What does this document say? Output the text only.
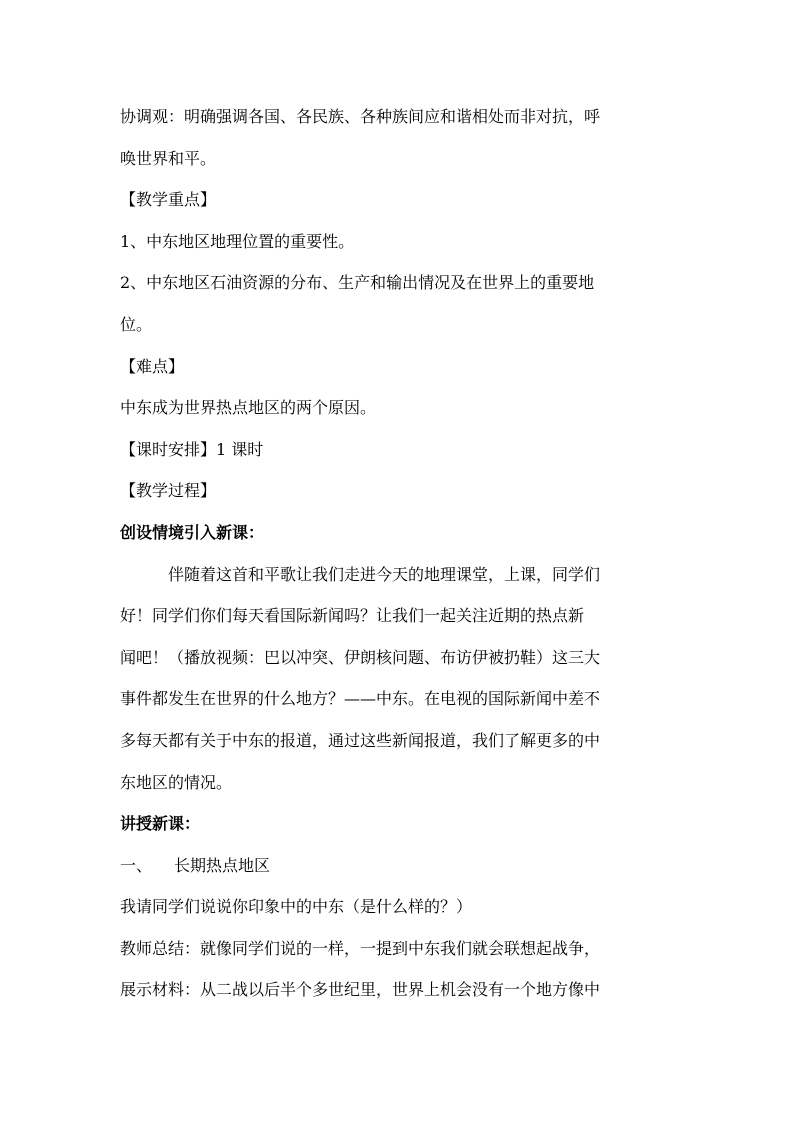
协调观：明确强调各国、各民族、各种族间应和谐相处而非对抗，呼

唤世界和平。

【教学重点】

1、中东地区地理位置的重要性。

2、中东地区石油资源的分布、生产和输出情况及在世界上的重要地

位。

【难点】

中东成为世界热点地区的两个原因。

【课时安排】1 课时

【教学过程】

创设情境引入新课：

伴随着这首和平歌让我们走进今天的地理课堂，上课，同学们

好！同学们你们每天看国际新闻吗？让我们一起关注近期的热点新

闻吧！（播放视频：巴以冲突、伊朗核问题、布访伊被扔鞋）这三大

事件都发生在世界的什么地方？——中东。在电视的国际新闻中差不

多每天都有关于中东的报道，通过这些新闻报道，我们了解更多的中

东地区的情况。

讲授新课：

一、 长期热点地区

我请同学们说说你印象中的中东（是什么样的？）

教师总结：就像同学们说的一样，一提到中东我们就会联想起战争，

展示材料：从二战以后半个多世纪里，世界上机会没有一个地方像中
